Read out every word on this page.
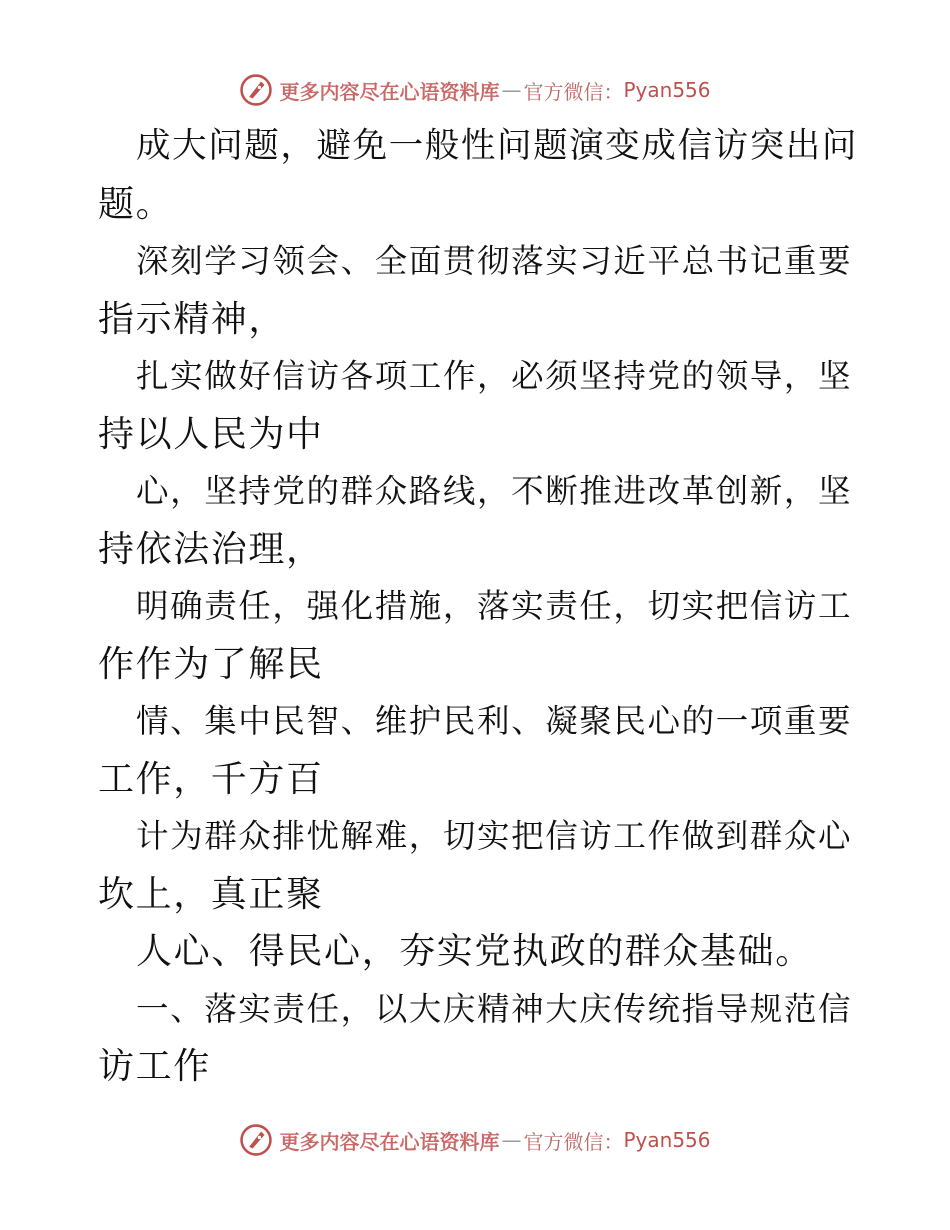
更多内容尽在心语资料库 — 官方微信： Pyan556

成大问题，避免一般性问题演变成信访突出问

题。

深刻学习领会、全面贯彻落实习近平总书记重要

指示精神，

扎实做好信访各项工作，必须坚持党的领导，坚

持以人民为中

心，坚持党的群众路线，不断推进改革创新，坚

持依法治理，

明确责任，强化措施，落实责任，切实把信访工

作作为了解民

情、集中民智、维护民利、凝聚民心的一项重要

工作，千方百

计为群众排忧解难，切实把信访工作做到群众心

坎上，真正聚

人心、得民心，夯实党执政的群众基础。

一、落实责任，以大庆精神大庆传统指导规范信

访工作

更多内容尽在心语资料库 — 官方微信： Pyan556
